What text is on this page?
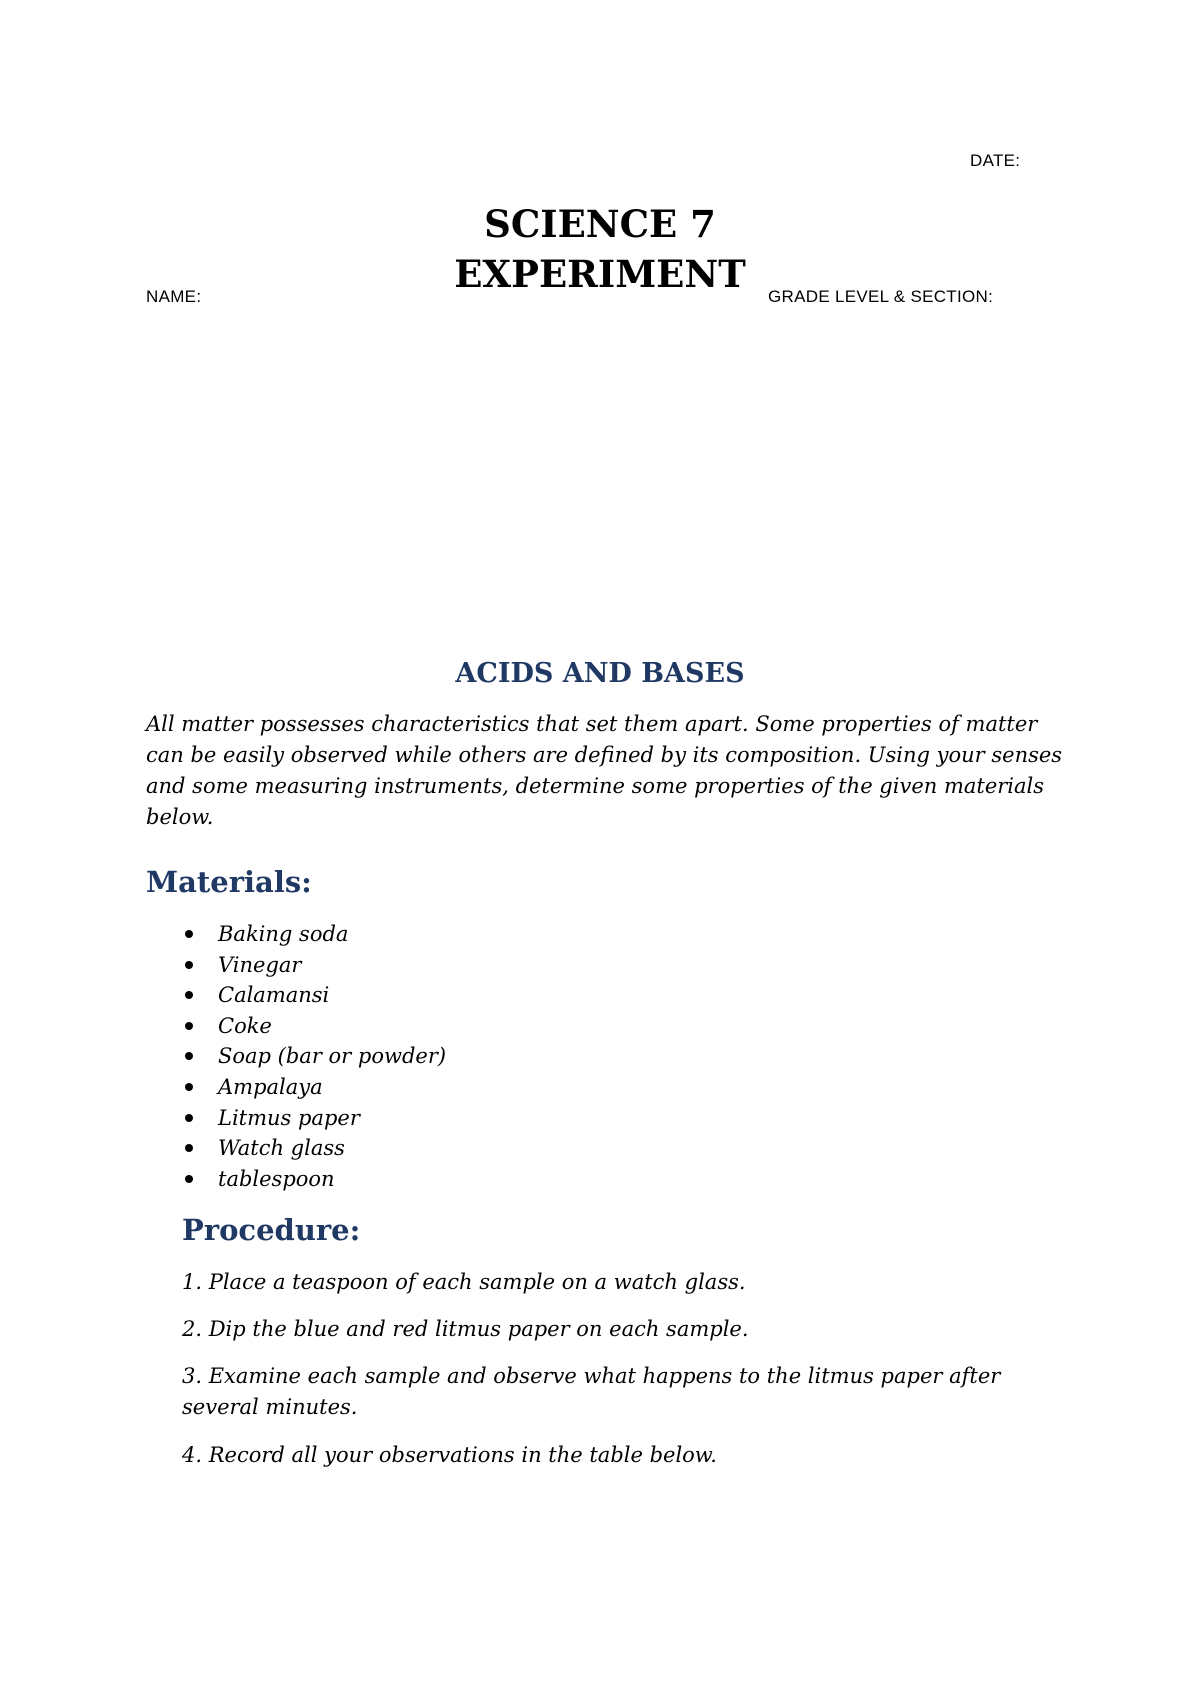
DATE:
NAME:	GRADE LEVEL & SECTION:
SCIENCE 7
EXPERIMENT
ACIDS AND BASES

All matter possesses characteristics that set them apart. Some properties of matter can be easily observed while others are defined by its composition. Using your senses and some measuring instruments, determine some properties of the given materials below.

Materials:
Baking soda
Vinegar
Calamansi
Coke
Soap (bar or powder)
Ampalaya
Litmus paper
Watch glass
tablespoon
Procedure:

1. Place a teaspoon of each sample on a watch glass.

2. Dip the blue and red litmus paper on each sample.

3. Examine each sample and observe what happens to the litmus paper after several minutes.

4. Record all your observations in the table below.
